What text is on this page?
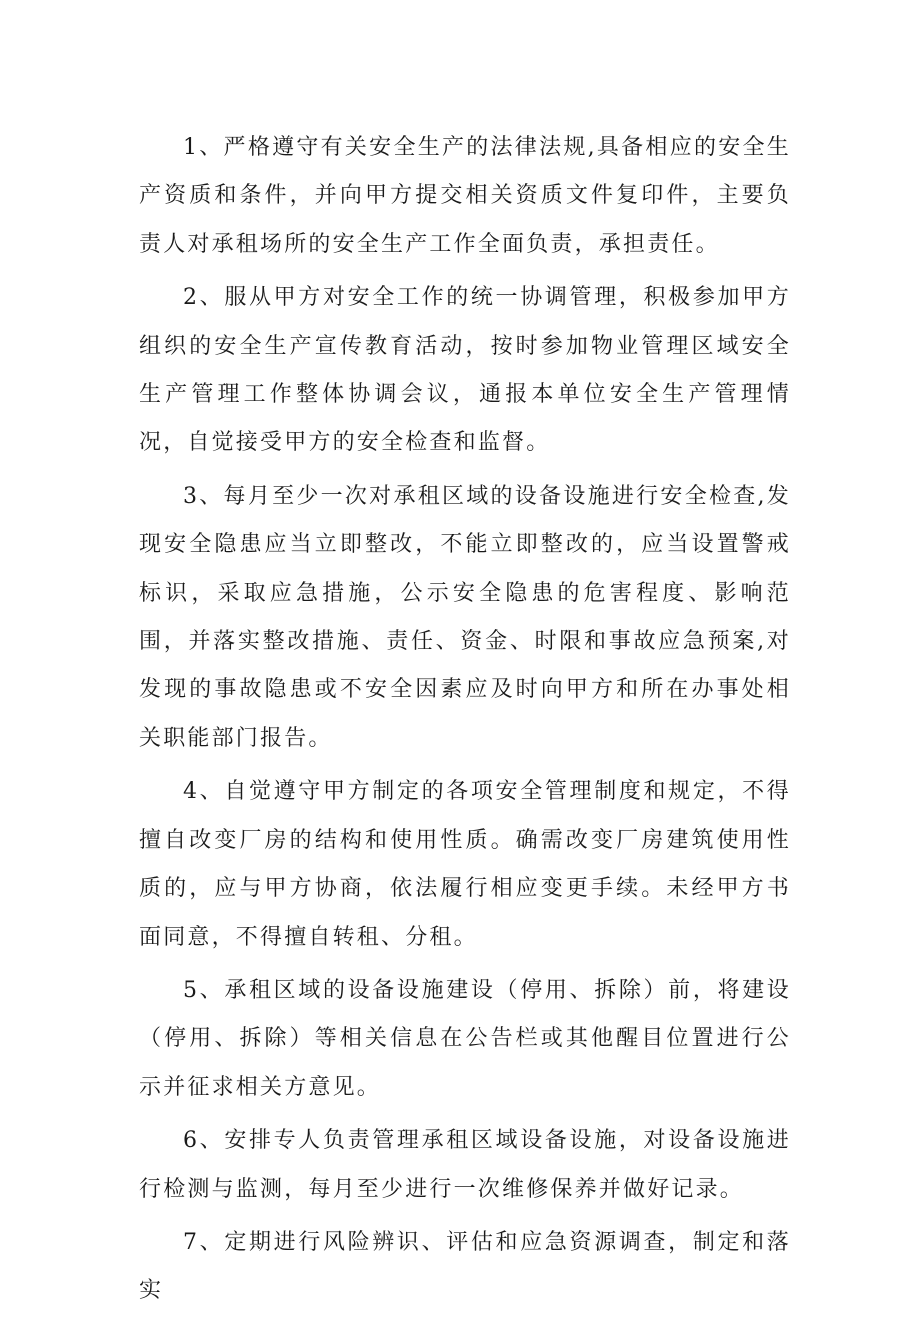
1、严格遵守有关安全生产的法律法规,具备相应的安全生产资质和条件，并向甲方提交相关资质文件复印件，主要负责人对承租场所的安全生产工作全面负责，承担责任。

2、服从甲方对安全工作的统一协调管理，积极参加甲方组织的安全生产宣传教育活动，按时参加物业管理区域安全生产管理工作整体协调会议，通报本单位安全生产管理情况，自觉接受甲方的安全检查和监督。

3、每月至少一次对承租区域的设备设施进行安全检查,发现安全隐患应当立即整改，不能立即整改的，应当设置警戒标识，采取应急措施，公示安全隐患的危害程度、影响范围，并落实整改措施、责任、资金、时限和事故应急预案,对发现的事故隐患或不安全因素应及时向甲方和所在办事处相关职能部门报告。

4、自觉遵守甲方制定的各项安全管理制度和规定，不得擅自改变厂房的结构和使用性质。确需改变厂房建筑使用性质的，应与甲方协商，依法履行相应变更手续。未经甲方书面同意，不得擅自转租、分租。

5、承租区域的设备设施建设（停用、拆除）前，将建设（停用、拆除）等相关信息在公告栏或其他醒目位置进行公示并征求相关方意见。

6、安排专人负责管理承租区域设备设施，对设备设施进行检测与监测，每月至少进行一次维修保养并做好记录。

7、定期进行风险辨识、评估和应急资源调查，制定和落实
